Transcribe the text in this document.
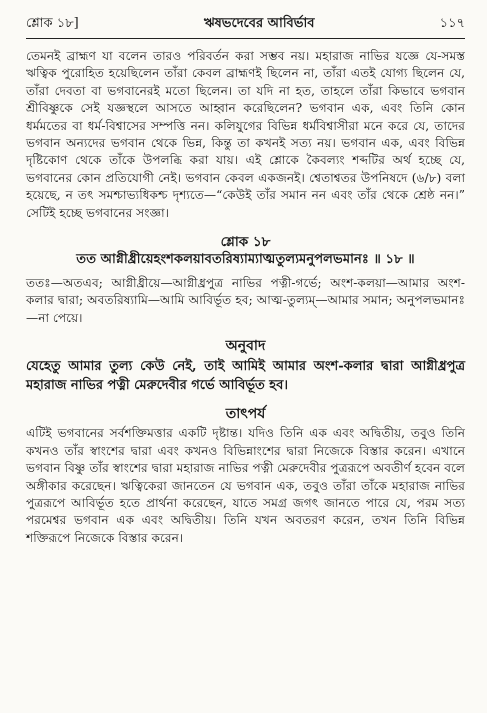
শ্লোক ১৮]	ঋষভদেবের আবির্ভাব	১১৭

তেমনই ব্রাহ্মণ যা বলেন তারও পরিবর্তন করা সম্ভব নয়। মহারাজ নাভির যজ্ঞে যে-সমস্ত ঋত্বিক পুরোহিত হয়েছিলেন তাঁরা কেবল ব্রাহ্মণই ছিলেন না, তাঁরা এতই যোগ্য ছিলেন যে, তাঁরা দেবতা বা ভগবানেরই মতো ছিলেন। তা যদি না হত, তাহলে তাঁরা কিভাবে ভগবান শ্রীবিষ্ণুকে সেই যজ্ঞস্থলে আসতে আহ্বান করেছিলেন? ভগবান এক, এবং তিনি কোন ধর্মমতের বা ধর্ম-বিশ্বাসের সম্পত্তি নন। কলিযুগের বিভিন্ন ধর্মবিশ্বাসীরা মনে করে যে, তাদের ভগবান অন্যদের ভগবান থেকে ভিন্ন, কিন্তু তা কখনই সত্য নয়। ভগবান এক, এবং বিভিন্ন দৃষ্টিকোণ থেকে তাঁকে উপলব্ধি করা যায়। এই শ্লোকে কৈবল্যং শব্দটির অর্থ হচ্ছে যে, ভগবানের কোন প্রতিযোগী নেই। ভগবান কেবল একজনই। শ্বেতাশ্বতর উপনিষদে (৬/৮) বলা হয়েছে, ন তৎ সমশ্চাভ্যধিকশ্চ দৃশ্যতে—“কেউই তাঁর সমান নন এবং তাঁর থেকে শ্রেষ্ঠ নন।” সেটিই হচ্ছে ভগবানের সংজ্ঞা।

শ্লোক ১৮
তত আগ্নীধ্রীয়েহংশকলয়াবতরিষ্যাম্যাত্মতুল্যমনুপলভমানঃ ॥ ১৮ ॥

ততঃ—অতএব; আগ্নীধ্রীয়ে—আগ্নীধ্রপুত্র নাভির পত্নী-গর্ভে; অংশ-কলয়া—আমার অংশ-কলার দ্বারা; অবতরিষ্যামি—আমি আবির্ভূত হব; আত্ম-তুল্যম্—আমার সমান; অনুপলভমানঃ—না পেয়ে।

অনুবাদ

যেহেতু আমার তুল্য কেউ নেই, তাই আমিই আমার অংশ-কলার দ্বারা আগ্নীধ্রপুত্র মহারাজ নাভির পত্নী মেরুদেবীর গর্ভে আবির্ভূত হব।

তাৎপর্য

এটিই ভগবানের সর্বশক্তিমত্তার একটি দৃষ্টান্ত। যদিও তিনি এক এবং অদ্বিতীয়, তবুও তিনি কখনও তাঁর স্বাংশের দ্বারা এবং কখনও বিভিন্নাংশের দ্বারা নিজেকে বিস্তার করেন। এখানে ভগবান বিষ্ণু তাঁর স্বাংশের দ্বারা মহারাজ নাভির পত্নী মেরুদেবীর পুত্ররূপে অবতীর্ণ হবেন বলে অঙ্গীকার করেছেন। ঋত্বিকেরা জানতেন যে ভগবান এক, তবুও তাঁরা তাঁকে মহারাজ নাভির পুত্ররূপে আবির্ভূত হতে প্রার্থনা করেছেন, যাতে সমগ্র জগৎ জানতে পারে যে, পরম সত্য পরমেশ্বর ভগবান এক এবং অদ্বিতীয়। তিনি যখন অবতরণ করেন, তখন তিনি বিভিন্ন শক্তিরূপে নিজেকে বিস্তার করেন।
